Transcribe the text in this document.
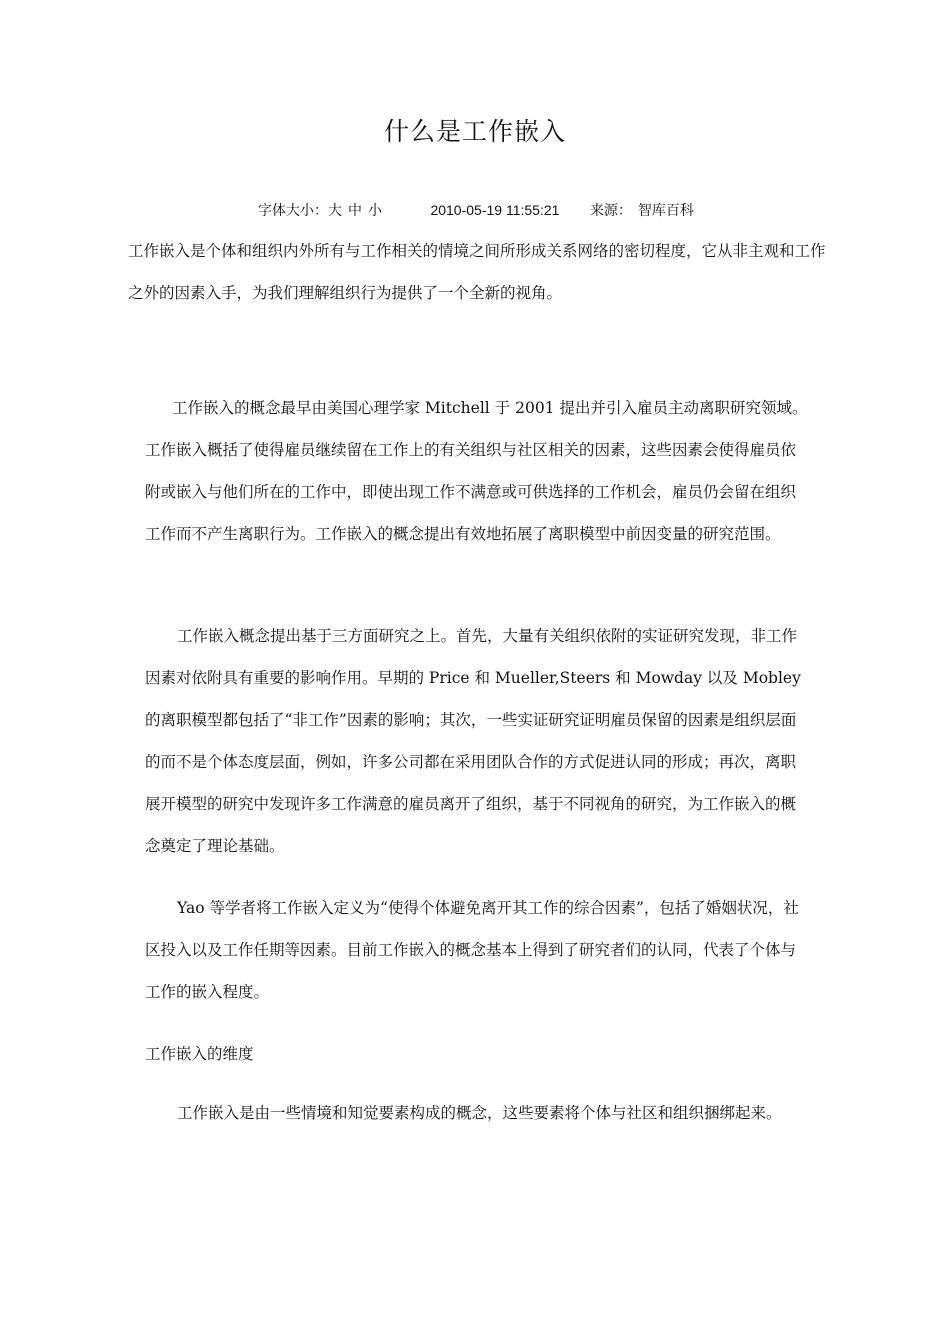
什么是工作嵌入
字体大小：大 中 小	2010-05-19 11:55:21 来源： 智库百科
工作嵌入是个体和组织内外所有与工作相关的情境之间所形成关系网络的密切程度，它从非主观和工作之外的因素入手，为我们理解组织行为提供了一个全新的视角。
工作嵌入的概念最早由美国心理学家 Mitchell 于 2001 提出并引入雇员主动离职研究领域。工作嵌入概括了使得雇员继续留在工作上的有关组织与社区相关的因素，这些因素会使得雇员依附或嵌入与他们所在的工作中，即使出现工作不满意或可供选择的工作机会，雇员仍会留在组织工作而不产生离职行为。工作嵌入的概念提出有效地拓展了离职模型中前因变量的研究范围。
工作嵌入概念提出基于三方面研究之上。首先，大量有关组织依附的实证研究发现，非工作因素对依附具有重要的影响作用。早期的 Price 和 Mueller,Steers 和 Mowday 以及 Mobley 的离职模型都包括了“非工作”因素的影响；其次，一些实证研究证明雇员保留的因素是组织层面的而不是个体态度层面，例如，许多公司都在采用团队合作的方式促进认同的形成；再次，离职展开模型的研究中发现许多工作满意的雇员离开了组织，基于不同视角的研究，为工作嵌入的概念奠定了理论基础。
Yao 等学者将工作嵌入定义为“使得个体避免离开其工作的综合因素”，包括了婚姻状况，社区投入以及工作任期等因素。目前工作嵌入的概念基本上得到了研究者们的认同，代表了个体与工作的嵌入程度。
工作嵌入的维度
工作嵌入是由一些情境和知觉要素构成的概念，这些要素将个体与社区和组织捆绑起来。
